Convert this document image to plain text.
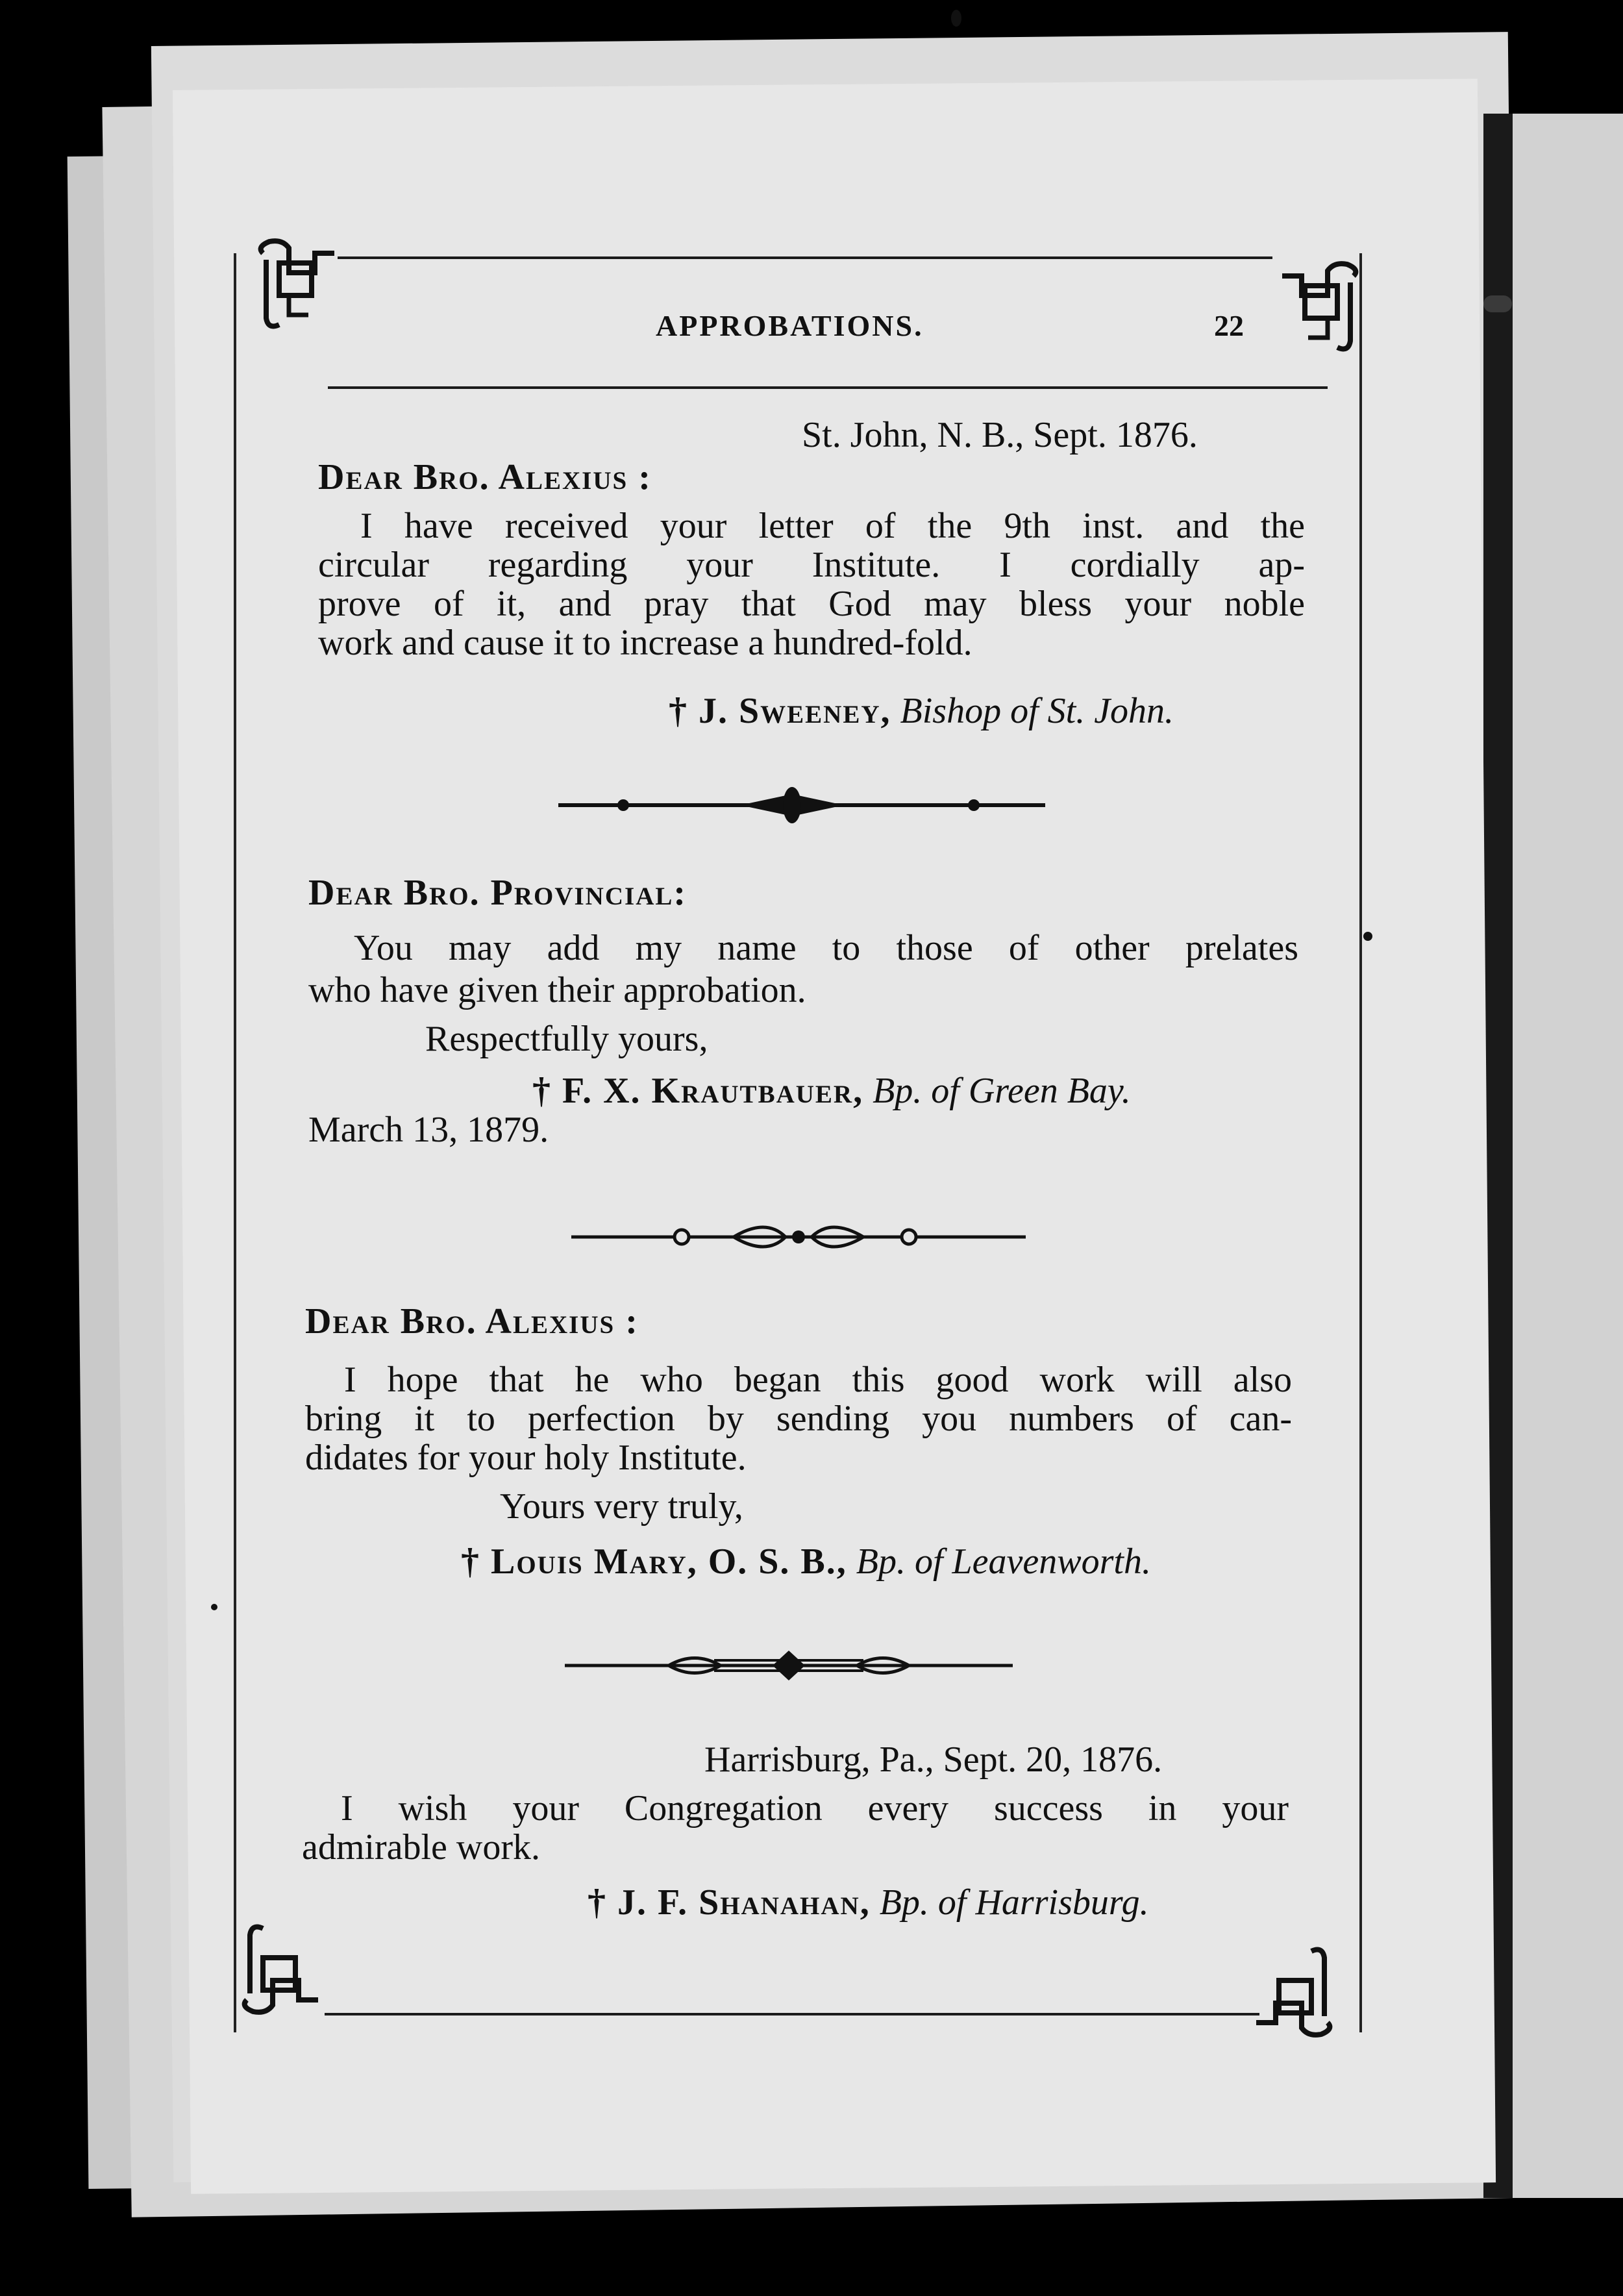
APPROBATIONS.	22
St. John, N. B., Sept. 1876.
Dear Bro. Alexius :
I have received your letter of the 9th inst. and the
circular regarding your Institute. I cordially ap-
prove of it, and pray that God may bless your noble
work and cause it to increase a hundred-fold.
† J. Sweeney, Bishop of St. John.
Dear Bro. Provincial:
You may add my name to those of other prelates
who have given their approbation.
Respectfully yours,
† F. X. Krautbauer, Bp. of Green Bay.
March 13, 1879.
Dear Bro. Alexius :
I hope that he who began this good work will also
bring it to perfection by sending you numbers of can-
didates for your holy Institute.
Yours very truly,
† Louis Mary, O. S. B., Bp. of Leavenworth.
Harrisburg, Pa., Sept. 20, 1876.
I wish your Congregation every success in your
admirable work.
† J. F. Shanahan, Bp. of Harrisburg.
